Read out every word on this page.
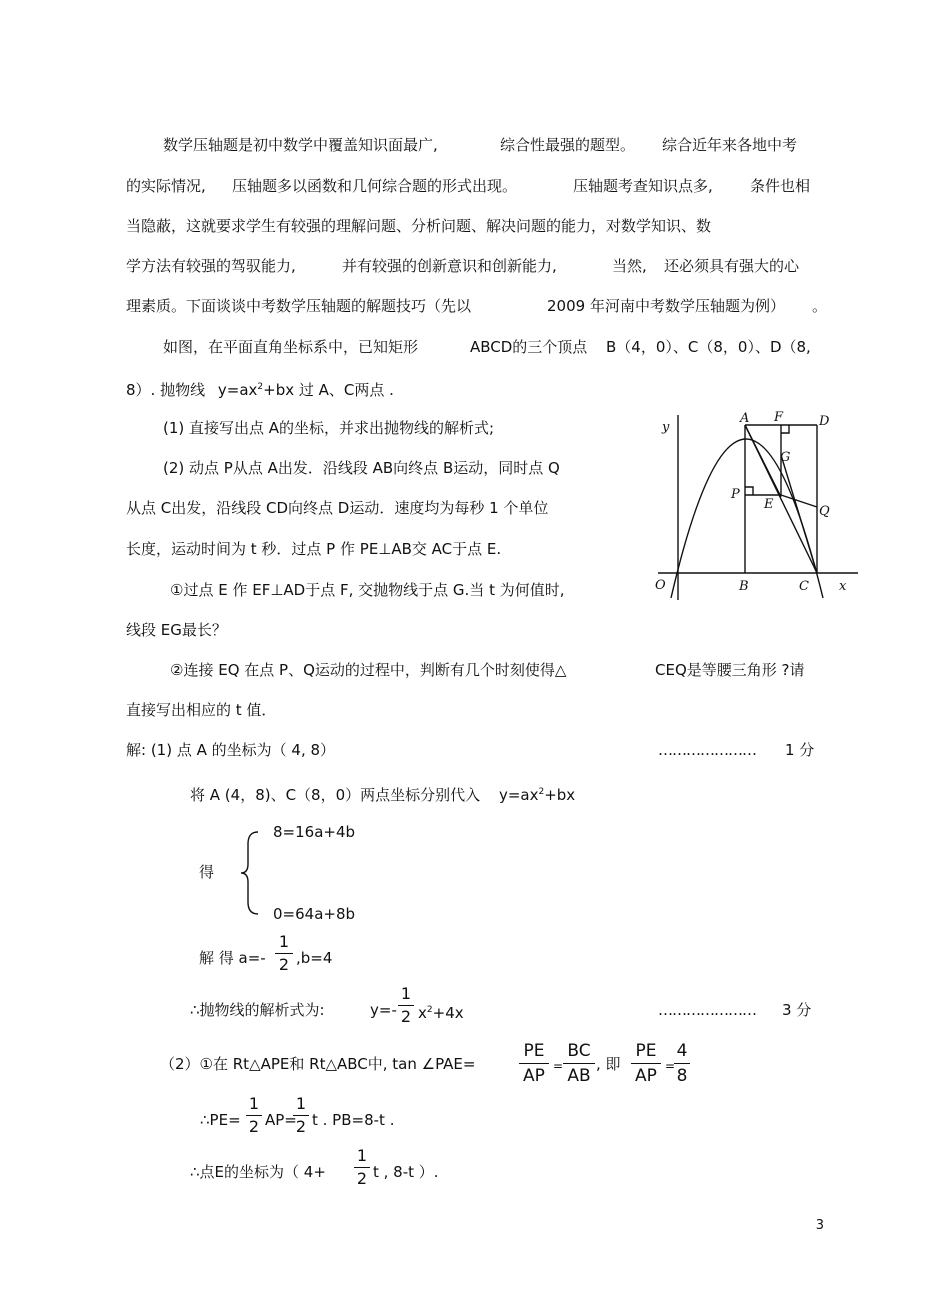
数学压轴题是初中数学中覆盖知识面最广,	综合性最强的题型。 综合近年来各地中考
的实际情况, 压轴题多以函数和几何综合题的形式出现。	压轴题考查知识点多, 条件也相
当隐蔽，这就要求学生有较强的理解问题、分析问题、解决问题的能力，对数学知识、数
学方法有较强的驾驭能力,	并有较强的创新意识和创新能力,	当然, 还必须具有强大的心
理素质。下面谈谈中考数学压轴题的解题技巧（先以	2009 年河南中考数学压轴题为例） 。
如图，在平面直角坐标系中，已知矩形	ABCD的三个顶点 B（4，0）、C（8，0）、D（8,
8）. 抛物线 $y=ax^2+bx$ 过 A、C两点 .
(1) 直接写出点 A的坐标，并求出抛物线的解析式;
(2) 动点 P从点 A出发．沿线段 AB向终点 B运动，同时点 Q
从点 C出发，沿线段 CD向终点 D运动．速度均为每秒 1 个单位
长度，运动时间为 t 秒．过点 P 作 PE⊥AB交 AC于点 E.
①过点 E 作 EF⊥AD于点 F, 交抛物线于点 G.当 t 为何值时,
线段 EG最长？
②连接 EQ 在点 P、Q运动的过程中，判断有几个时刻使得△	CEQ是等腰三角形 ?请
直接写出相应的 t 值．
y
x
O
A F	D
G
P
E	Q
B	C
解: (1) 点 A 的坐标为（ 4, 8）	………………… 1 分
将 A (4，8)、C（8，0）两点坐标分别代入 $y=ax^2+bx$
8=16a+4b
得
0=64a+8b
解 得 a=-
1
2 ,b=4
∴抛物线的解析式为:	y=-
1
2 $x^2+4x$	………………… 3 分
（2）①在 Rt△APE和 Rt△ABC中, tan ∠PAE=
PE
AP =
BC
AB
, 即
PE
AP =
4
8
∴PE=
1
2 AP=
1
2 t . PB=8-t .
∴点E的坐标为（ 4+
1
2 t , 8-t ）.
3
